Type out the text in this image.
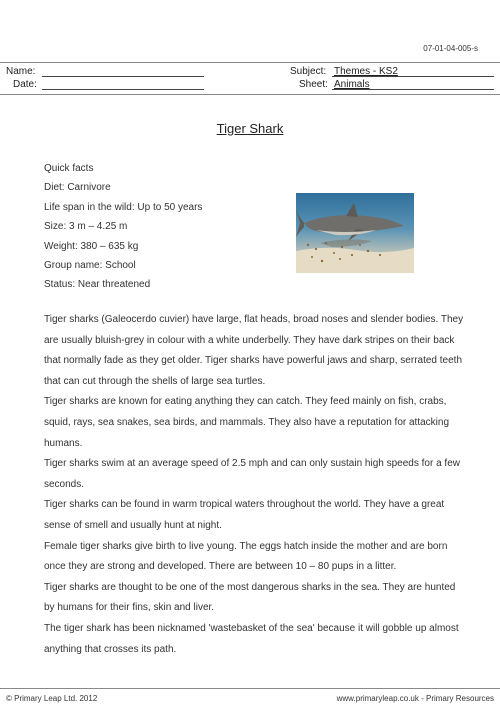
07-01-04-005-s
Name:
Date:
Subject: Themes - KS2
Sheet: Animals
Tiger Shark
Quick facts
Diet: Carnivore
Life span in the wild: Up to 50 years
Size: 3 m – 4.25 m
Weight: 380 – 635 kg
Group name: School
Status: Near threatened

Tiger sharks (Galeocerdo cuvier) have large, flat heads, broad noses and slender bodies. They are usually bluish-grey in colour with a white underbelly. They have dark stripes on their back that normally fade as they get older. Tiger sharks have powerful jaws and sharp, serrated teeth that can cut through the shells of large sea turtles.

Tiger sharks are known for eating anything they can catch. They feed mainly on fish, crabs, squid, rays, sea snakes, sea birds, and mammals. They also have a reputation for attacking humans.

Tiger sharks swim at an average speed of 2.5 mph and can only sustain high speeds for a few seconds.

Tiger sharks can be found in warm tropical waters throughout the world. They have a great sense of smell and usually hunt at night.

Female tiger sharks give birth to live young. The eggs hatch inside the mother and are born once they are strong and developed. There are between 10 – 80 pups in a litter.

Tiger sharks are thought to be one of the most dangerous sharks in the sea. They are hunted by humans for their fins, skin and liver.

The tiger shark has been nicknamed 'wastebasket of the sea' because it will gobble up almost anything that crosses its path.

© Primary Leap Ltd. 2012	www.primaryleap.co.uk - Primary Resources
